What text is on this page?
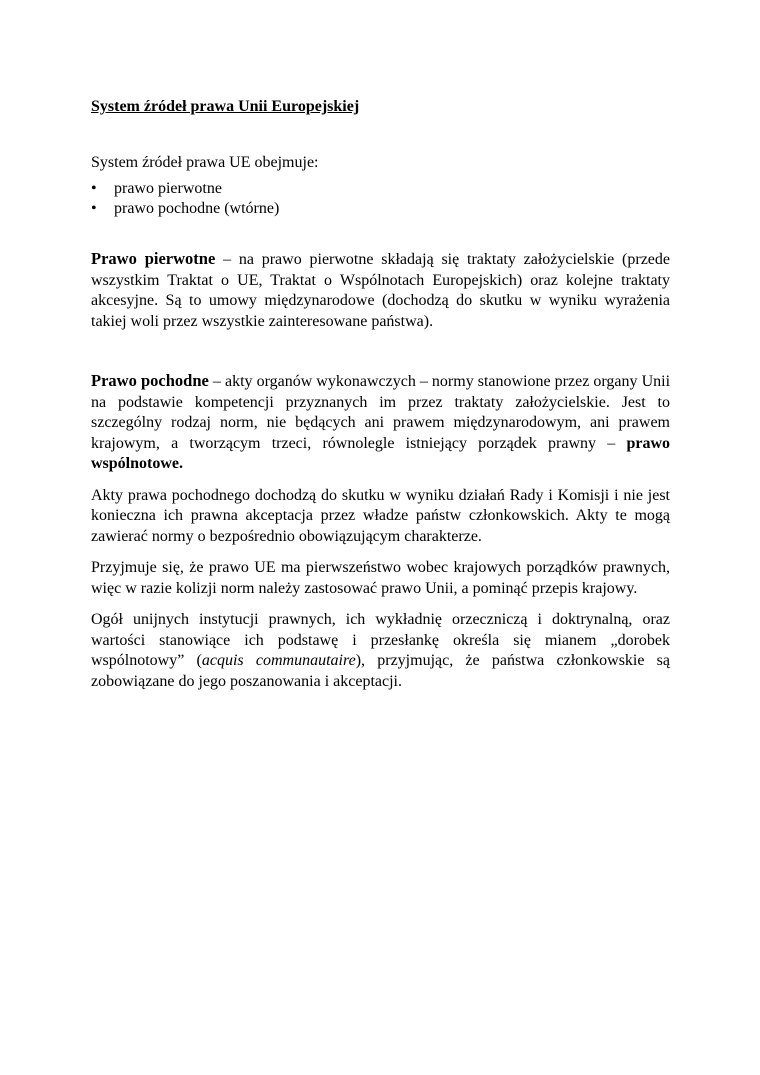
System źródeł prawa Unii Europejskiej
System źródeł prawa UE obejmuje:
• prawo pierwotne
• prawo pochodne (wtórne)

Prawo pierwotne – na prawo pierwotne składają się traktaty założycielskie (przede wszystkim Traktat o UE, Traktat o Wspólnotach Europejskich) oraz kolejne traktaty akcesyjne. Są to umowy międzynarodowe (dochodzą do skutku w wyniku wyrażenia takiej woli przez wszystkie zainteresowane państwa).

Prawo pochodne – akty organów wykonawczych – normy stanowione przez organy Unii na podstawie kompetencji przyznanych im przez traktaty założycielskie. Jest to szczególny rodzaj norm, nie będących ani prawem międzynarodowym, ani prawem krajowym, a tworzącym trzeci, równolegle istniejący porządek prawny – prawo wspólnotowe.

Akty prawa pochodnego dochodzą do skutku w wyniku działań Rady i Komisji i nie jest konieczna ich prawna akceptacja przez władze państw członkowskich. Akty te mogą zawierać normy o bezpośrednio obowiązującym charakterze.

Przyjmuje się, że prawo UE ma pierwszeństwo wobec krajowych porządków prawnych, więc w razie kolizji norm należy zastosować prawo Unii, a pominąć przepis krajowy.

Ogół unijnych instytucji prawnych, ich wykładnię orzeczniczą i doktrynalną, oraz wartości stanowiące ich podstawę i przesłankę określa się mianem „dorobek wspólnotowy” (acquis communautaire), przyjmując, że państwa członkowskie są zobowiązane do jego poszanowania i akceptacji.
